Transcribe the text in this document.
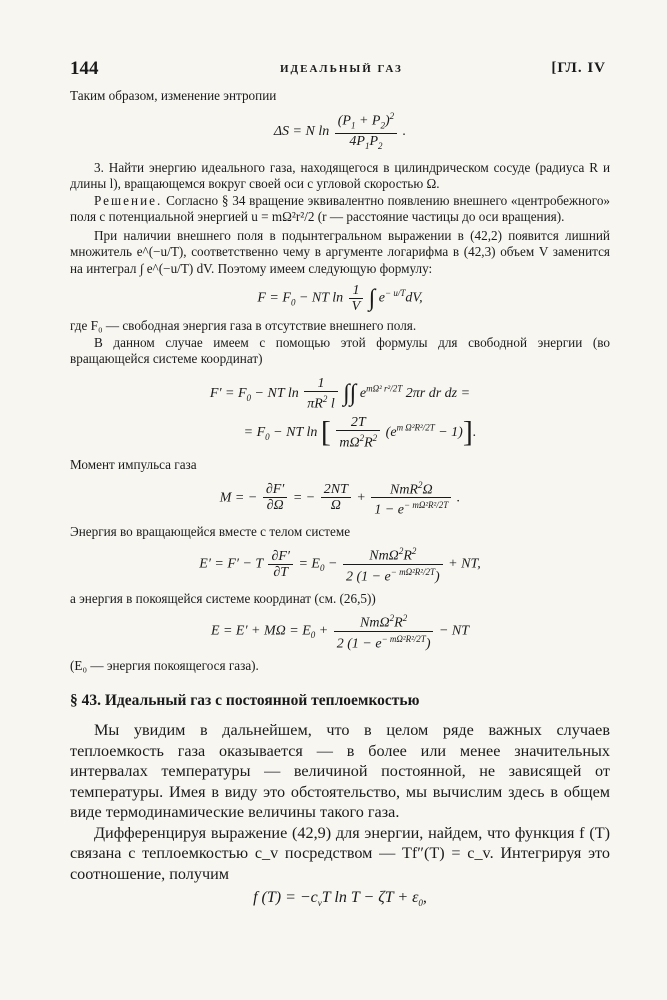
144	ИДЕАЛЬНЫЙ ГАЗ	[ГЛ. IV

Таким образом, изменение энтропии

ΔS = N $\ln \frac{(P_1 + P_2)^2}{4P_1P_2}$ .

3. Найти энергию идеального газа, находящегося в цилиндрическом сосуде (радиуса R и длины l), вращающемся вокруг своей оси с угловой скоростью Ω.

Решение. Согласно § 34 вращение эквивалентно появлению внешнего «центробежного» поля с потенциальной энергией u = mΩ²r²/2 (r — расстояние частицы до оси вращения).

При наличии внешнего поля в подынтегральном выражении в (42,2) появится лишний множитель e^(−u/T), соответственно чему в аргументе логарифма в (42,3) объем V заменится на интеграл ∫ e^(−u/T) dV. Поэтому имеем следующую формулу:

$F = F_0$ − NT $\ln \frac{1}{V}$ ∫ $e^{- u/T}dV$,

где F₀ — свободная энергия газа в отсутствие внешнего поля.

В данном случае имеем с помощью этой формулы для свободной энергии (во вращающейся системе координат)

$F' = F_0$ − NT $\ln \frac{1}{\pi R^2 l}$ ∫∫ $e^{m\Omega^2 r^2/2T}$ 2πr dr dz =
= $F_0$ − NT ln [ $\frac{2T}{m\Omega^2R^2} (e^{m \Omega^2R^2/2T} - 1)$].

Момент импульса газа

M = − $\frac{\partial F'}{\partial\Omega}$ = − $\frac{2NT}{\Omega}$ +
NmR$^2$Ω
$1 - e^{- m\Omega^2R^2/2T}$
.

Энергия во вращающейся вместе с телом системе

E′ = F′ − T $\frac{\partial F'}{\partial T} = E_0$ −
$Nm\Omega^2R^2$
2 $(1 - e^{- m\Omega^2R^2/2T})$
+ NT,

а энергия в покоящейся системе координат (см. (26,5))

$E = E' + M\Omega = E_0$ +
$Nm\Omega^2R^2$
2 $(1 - e^{- m\Omega^2R^2/2T})$
− NT

(E₀ — энергия покоящегося газа).

§ 43. Идеальный газ с постоянной теплоемкостью

Мы увидим в дальнейшем, что в целом ряде важных случаев теплоемкость газа оказывается — в более или менее значительных интервалах температуры — величиной постоянной, не зависящей от температуры. Имея в виду это обстоятельство, мы вычислим здесь в общем виде термодинамические величины такого газа.

Дифференцируя выражение (42,9) для энергии, найдем, что функция f (T) связана с теплоемкостью c_v посредством — Tf″(T) = c_v. Интегрируя это соотношение, получим

f $(T) = -c_vT$ $\ln T - \zeta T + \varepsilon_0$,
